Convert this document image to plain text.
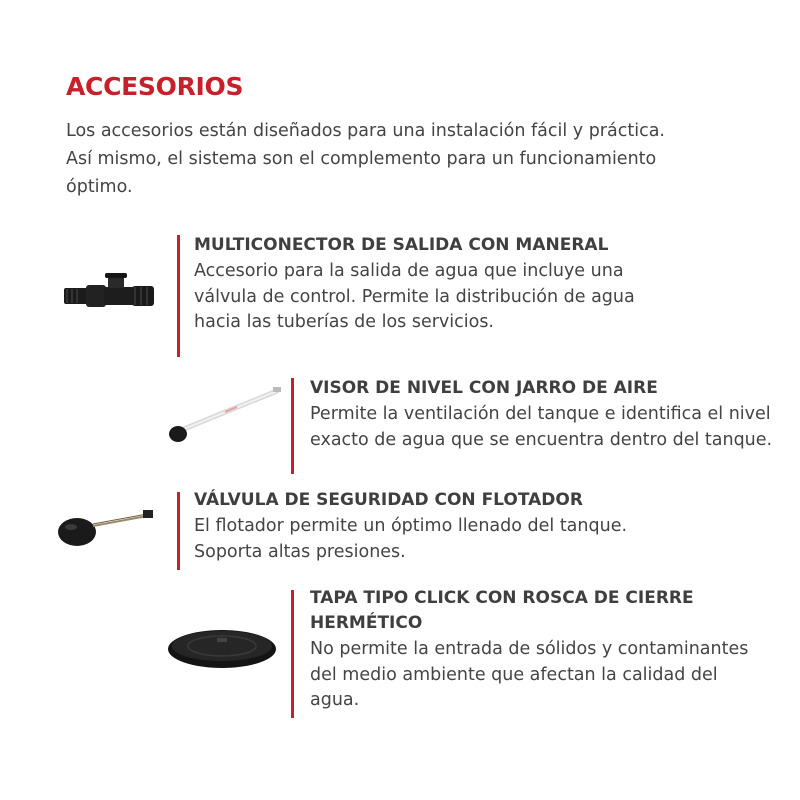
ACCESORIOS

Los accesorios están diseñados para una instalación fácil y práctica. Así mismo, el sistema son el complemento para un funcionamiento óptimo.

MULTICONECTOR DE SALIDA CON MANERAL

Accesorio para la salida de agua que incluye una válvula de control. Permite la distribución de agua hacia las tuberías de los servicios.

VISOR DE NIVEL CON JARRO DE AIRE

Permite la ventilación del tanque e identifica el nivel exacto de agua que se encuentra dentro del tanque.

VÁLVULA DE SEGURIDAD CON FLOTADOR

El flotador permite un óptimo llenado del tanque. Soporta altas presiones.

TAPA TIPO CLICK CON ROSCA DE CIERRE HERMÉTICO

No permite la entrada de sólidos y contaminantes del medio ambiente que afectan la calidad del agua.
